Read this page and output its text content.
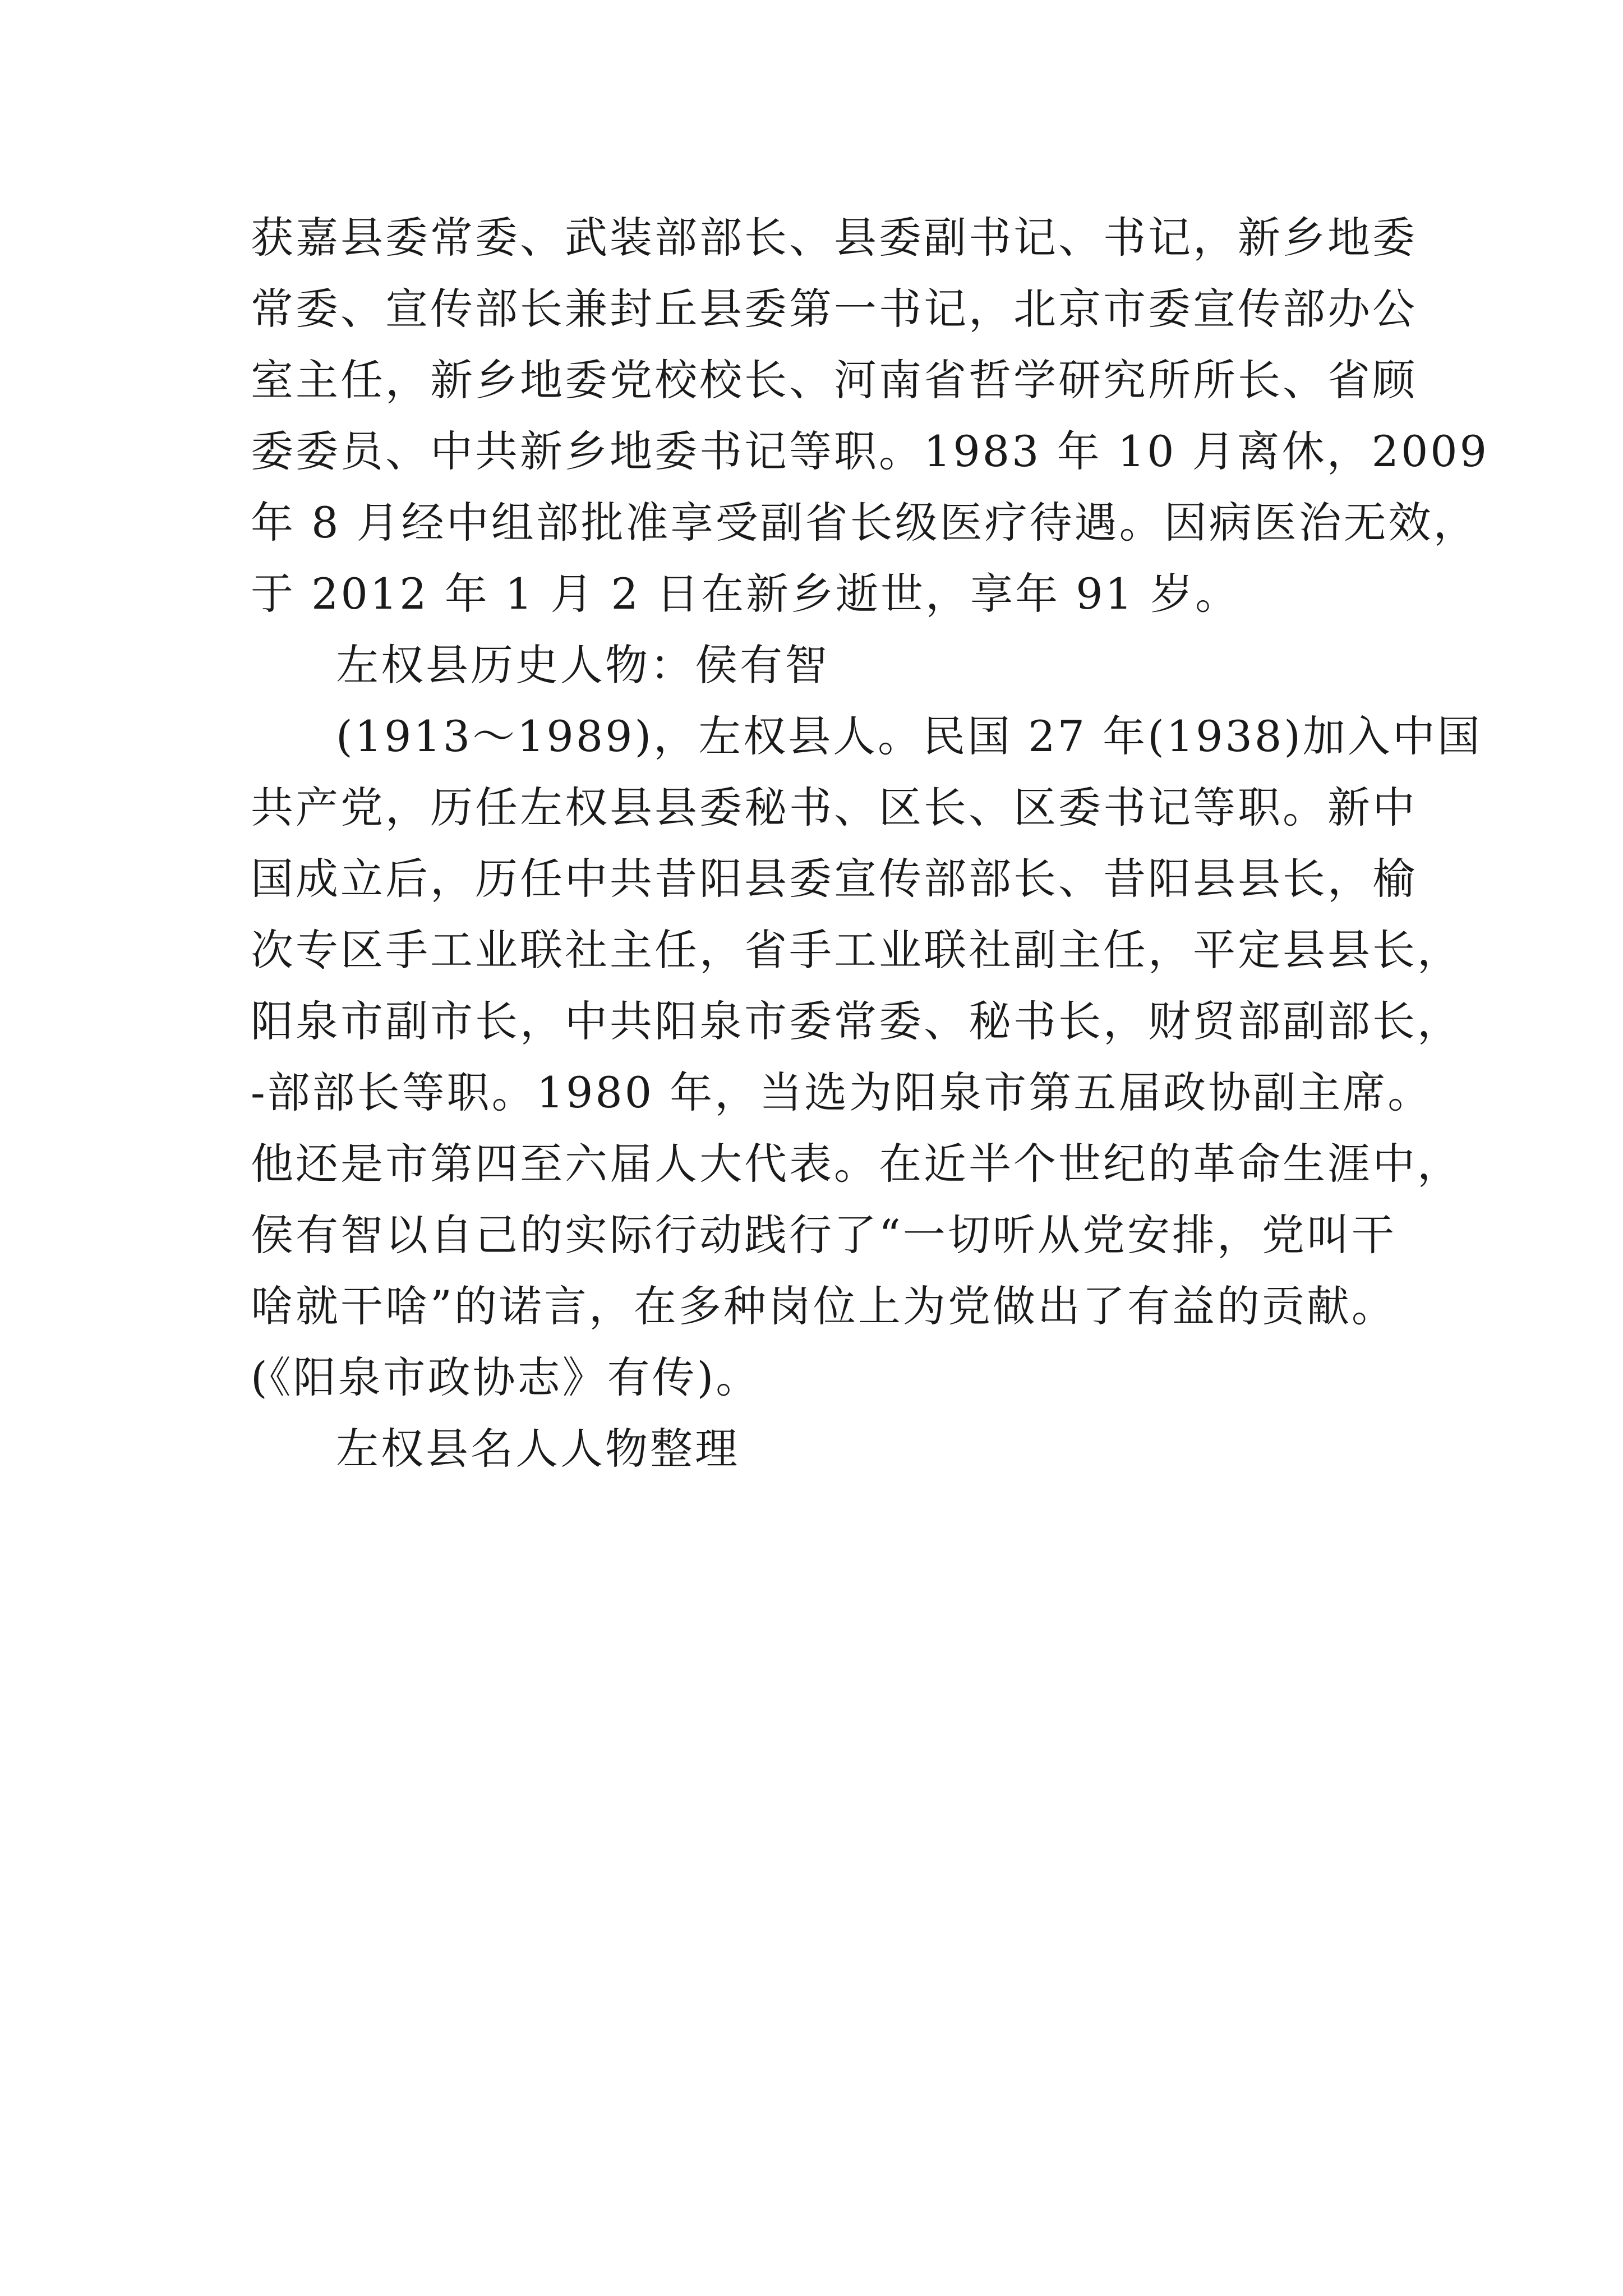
获嘉县委常委、武装部部长、县委副书记、书记，新乡地委
常委、宣传部长兼封丘县委第一书记，北京市委宣传部办公
室主任，新乡地委党校校长、河南省哲学研究所所长、省顾
委委员、中共新乡地委书记等职。1983 年 10 月离休，2009
年 8 月经中组部批准享受副省长级医疗待遇。因病医治无效，
于 2012 年 1 月 2 日在新乡逝世，享年 91 岁。
左权县历史人物：侯有智
(1913～1989)，左权县人。民国 27 年(1938)加入中国
共产党，历任左权县县委秘书、区长、区委书记等职。新中
国成立后，历任中共昔阳县委宣传部部长、昔阳县县长，榆
次专区手工业联社主任，省手工业联社副主任，平定县县长，
阳泉市副市长，中共阳泉市委常委、秘书长，财贸部副部长，
-部部长等职。1980 年，当选为阳泉市第五届政协副主席。
他还是市第四至六届人大代表。在近半个世纪的革命生涯中，
侯有智以自己的实际行动践行了“一切听从党安排，党叫干
啥就干啥”的诺言，在多种岗位上为党做出了有益的贡献。
(《阳泉市政协志》有传)。
左权县名人人物整理
